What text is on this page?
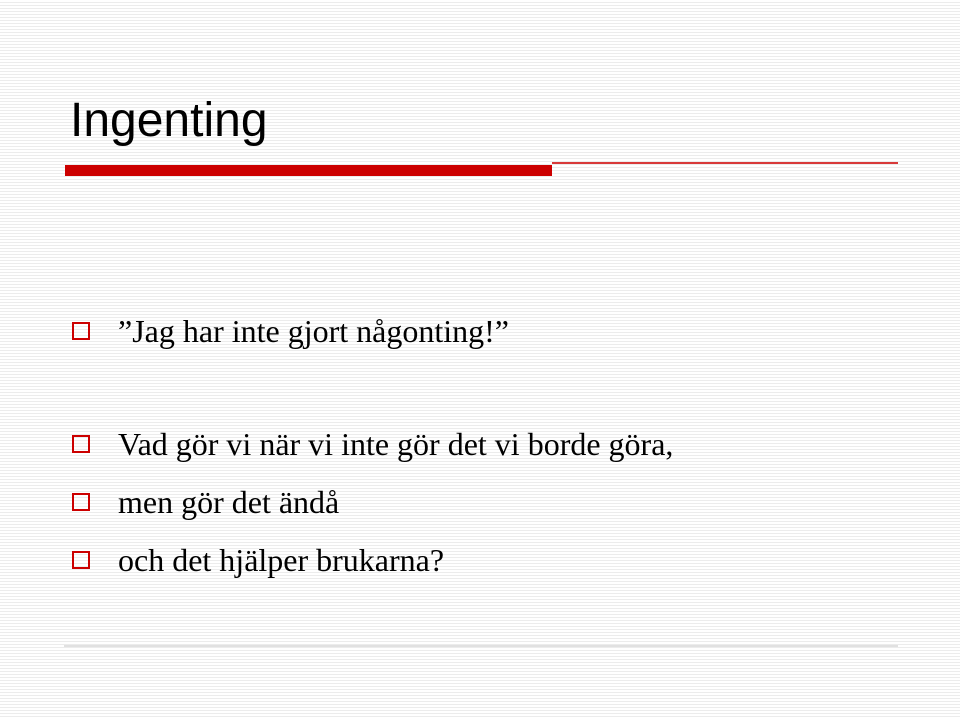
Ingenting
”Jag har inte gjort någonting!”
Vad gör vi när vi inte gör det vi borde göra,
men gör det ändå
och det hjälper brukarna?
